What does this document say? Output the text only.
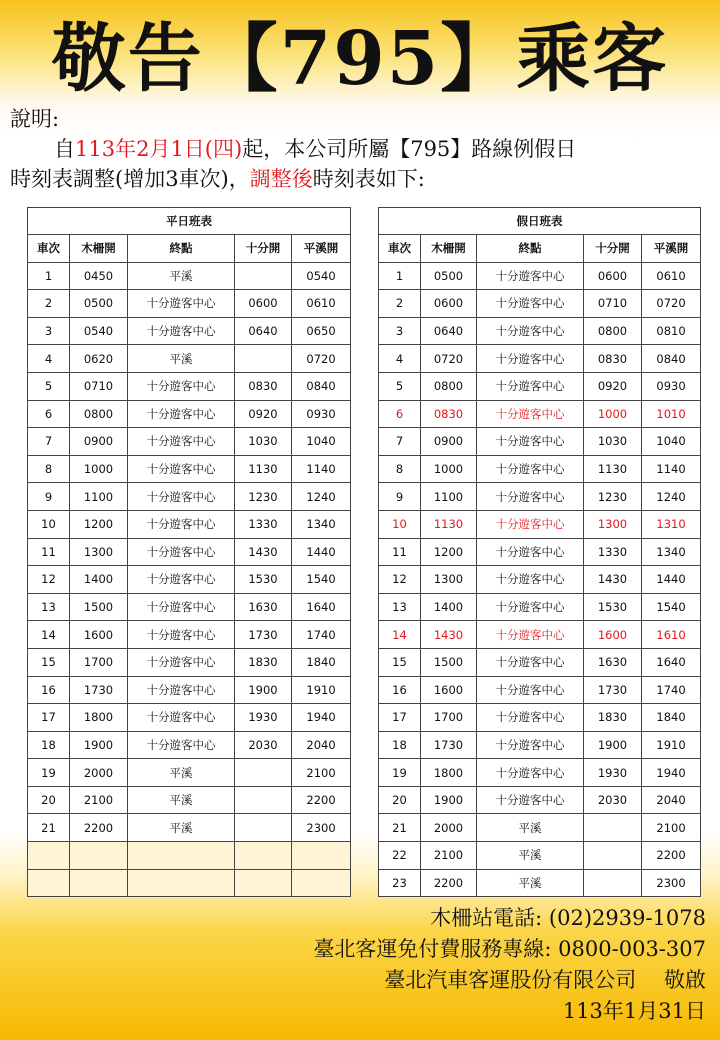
敬告【795】乘客
說明:
自113年2月1日(四)起，本公司所屬【795】路線例假日
時刻表調整(增加3車次)，調整後時刻表如下:
平日班表				
車次	木柵開	終點	十分開	平溪開
1	0450	平溪		0540
2	0500	十分遊客中心	0600	0610
3	0540	十分遊客中心	0640	0650
4	0620	平溪		0720
5	0710	十分遊客中心	0830	0840
6	0800	十分遊客中心	0920	0930
7	0900	十分遊客中心	1030	1040
8	1000	十分遊客中心	1130	1140
9	1100	十分遊客中心	1230	1240
10	1200	十分遊客中心	1330	1340
11	1300	十分遊客中心	1430	1440
12	1400	十分遊客中心	1530	1540
13	1500	十分遊客中心	1630	1640
14	1600	十分遊客中心	1730	1740
15	1700	十分遊客中心	1830	1840
16	1730	十分遊客中心	1900	1910
17	1800	十分遊客中心	1930	1940
18	1900	十分遊客中心	2030	2040
19	2000	平溪		2100
20	2100	平溪		2200
21	2200	平溪		2300

假日班表				
車次	木柵開	終點	十分開	平溪開
1	0500	十分遊客中心	0600	0610
2	0600	十分遊客中心	0710	0720
3	0640	十分遊客中心	0800	0810
4	0720	十分遊客中心	0830	0840
5	0800	十分遊客中心	0920	0930
6	0830	十分遊客中心	1000	1010
7	0900	十分遊客中心	1030	1040
8	1000	十分遊客中心	1130	1140
9	1100	十分遊客中心	1230	1240
10	1130	十分遊客中心	1300	1310
11	1200	十分遊客中心	1330	1340
12	1300	十分遊客中心	1430	1440
13	1400	十分遊客中心	1530	1540
14	1430	十分遊客中心	1600	1610
15	1500	十分遊客中心	1630	1640
16	1600	十分遊客中心	1730	1740
17	1700	十分遊客中心	1830	1840
18	1730	十分遊客中心	1900	1910
19	1800	十分遊客中心	1930	1940
20	1900	十分遊客中心	2030	2040
21	2000	平溪		2100
22	2100	平溪		2200
23	2200	平溪		2300
木柵站電話: (02)2939-1078
臺北客運免付費服務專線: 0800-003-307
臺北汽車客運股份有限公司　 敬啟
113年1月31日
